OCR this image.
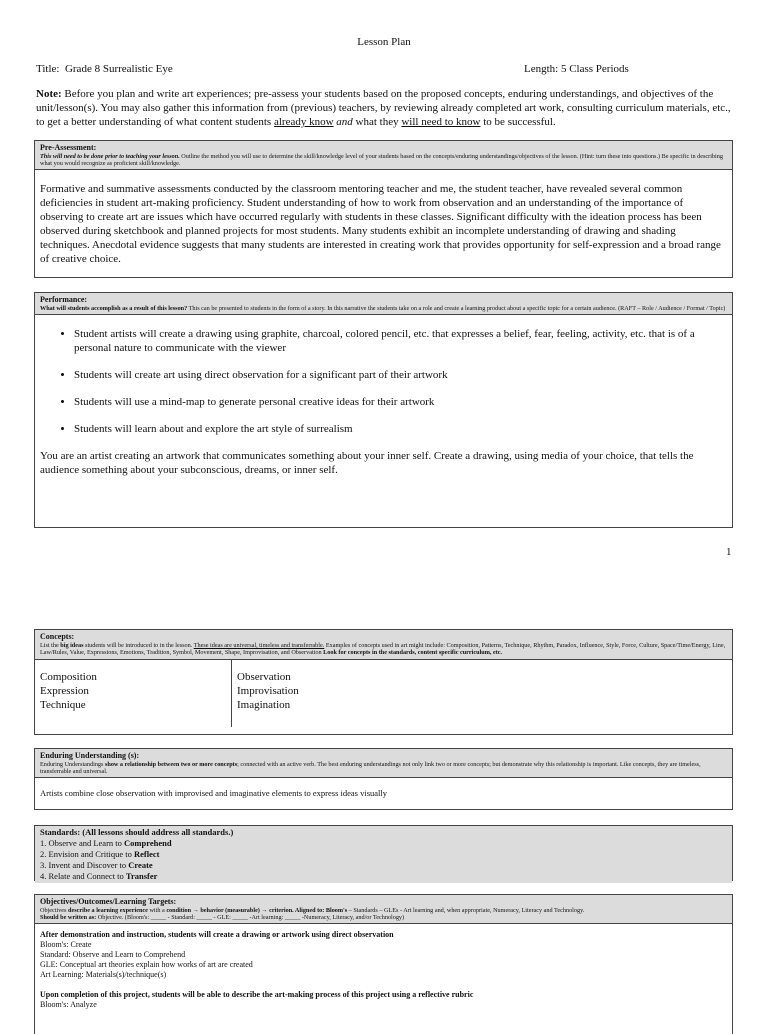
Lesson Plan
Title: Grade 8 Surrealistic Eye	Length: 5 Class Periods
Note: Before you plan and write art experiences; pre-assess your students based on the proposed concepts, enduring understandings, and objectives of the unit/lesson(s). You may also gather this information from (previous) teachers, by reviewing already completed art work, consulting curriculum materials, etc., to get a better understanding of what content students already know and what they will need to know to be successful.
Pre-Assessment:
This will need to be done prior to teaching your lesson. Outline the method you will use to determine the skill/knowledge level of your students based on the concepts/enduring understandings/objectives of the lesson. (Hint: turn these into questions.) Be specific in describing what you would recognize as proficient skill/knowledge.
Formative and summative assessments conducted by the classroom mentoring teacher and me, the student teacher, have revealed several common deficiencies in student art-making proficiency. Student understanding of how to work from observation and an understanding of the importance of observing to create art are issues which have occurred regularly with students in these classes. Significant difficulty with the ideation process has been observed during sketchbook and planned projects for most students. Many students exhibit an incomplete understanding of drawing and shading techniques. Anecdotal evidence suggests that many students are interested in creating work that provides opportunity for self-expression and a broad range of creative choice.
Performance:
What will students accomplish as a result of this lesson? This can be presented to students in the form of a story. In this narrative the students take on a role and create a learning product about a specific topic for a certain audience. (RAFT – Role / Audience / Format / Topic)
• Student artists will create a drawing using graphite, charcoal, colored pencil, etc. that expresses a belief, fear, feeling, activity, etc. that is of a personal nature to communicate with the viewer
• Students will create art using direct observation for a significant part of their artwork
• Students will use a mind-map to generate personal creative ideas for their artwork
• Students will learn about and explore the art style of surrealism
You are an artist creating an artwork that communicates something about your inner self. Create a drawing, using media of your choice, that tells the audience something about your subconscious, dreams, or inner self.
1
Concepts:
List the big ideas students will be introduced to in the lesson. These ideas are universal, timeless and transferrable. Examples of concepts used in art might include: Composition, Patterns, Technique, Rhythm, Paradox, Influence, Style, Force, Culture, Space/Time/Energy, Line, Law/Rules, Value, Expressions, Emotions, Tradition, Symbol, Movement, Shape, Improvisation, and Observation Look for concepts in the standards, content specific curriculum, etc.
Composition
Expression
Technique
Observation
Improvisation
Imagination
Enduring Understanding (s):
Enduring Understandings show a relationship between two or more concepts; connected with an active verb. The best enduring understandings not only link two or more concepts; but demonstrate why this relationship is important. Like concepts, they are timeless, transferrable and universal.
Artists combine close observation with improvised and imaginative elements to express ideas visually
Standards: (All lessons should address all standards.)
1. Observe and Learn to Comprehend
2. Envision and Critique to Reflect
3. Invent and Discover to Create
4. Relate and Connect to Transfer
Objectives/Outcomes/Learning Targets:
Objectives describe a learning experience with a condition → behavior (measurable) → criterion. Aligned to: Bloom's – Standards – GLEs - Art learning and, when appropriate, Numeracy, Literacy and Technology.
Should be written as: Objective. (Bloom's: _____ - Standard: _____ - GLE: _____ -Art learning: _____ -Numeracy, Literacy, and/or Technology)
After demonstration and instruction, students will create a drawing or artwork using direct observation
Bloom's: Create
Standard: Observe and Learn to Comprehend
GLE: Conceptual art theories explain how works of art are created
Art Learning: Materials(s)/technique(s)
Upon completion of this project, students will be able to describe the art-making process of this project using a reflective rubric
Bloom's: Analyze
